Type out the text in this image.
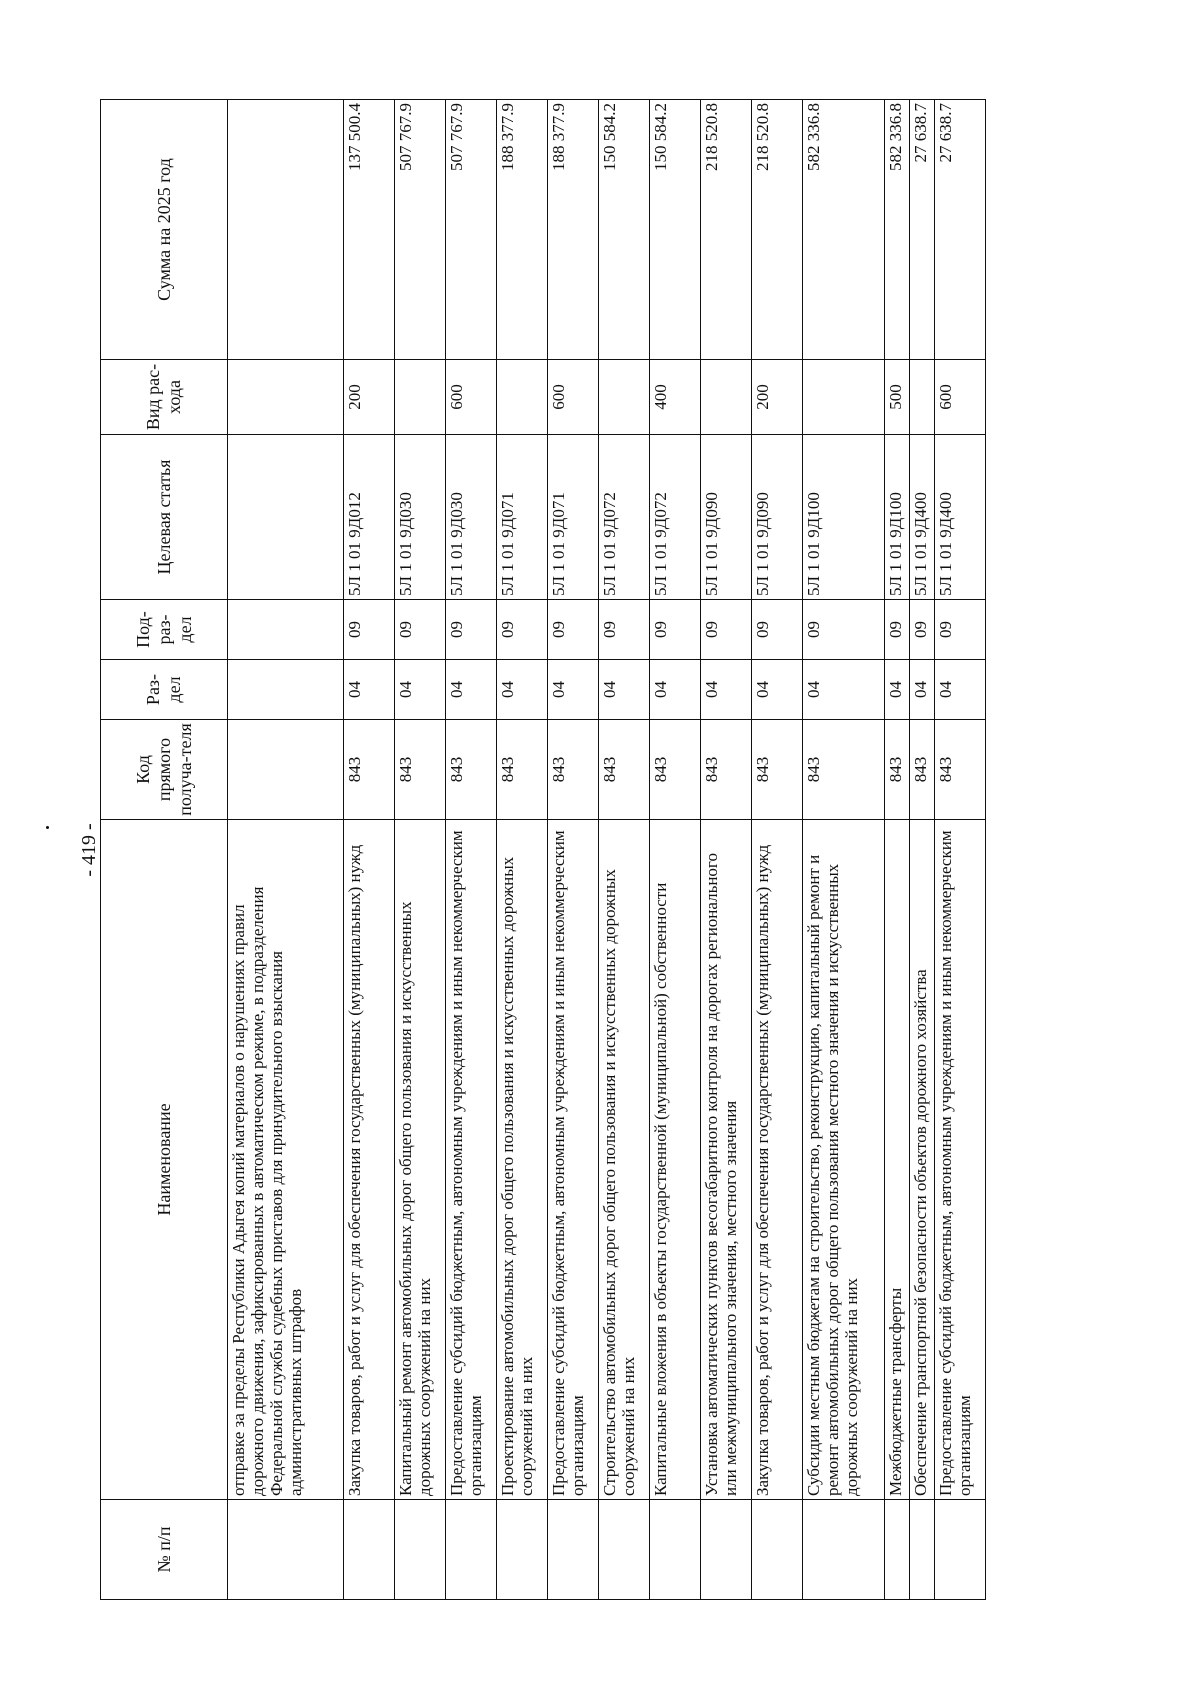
- 419 -
№ п/п	Наименование	Код прямого получа-теля	Раз-дел	Под-раз-дел	Целевая статья	Вид рас-хода	Сумма на 2025 год
	отправке за пределы Республики Адыгея копий материалов о нарушениях правил дорожного движения, зафиксированных в автоматическом режиме, в подразделения Федеральной службы судебных приставов для принудительного взыскания административных штрафов						
	Закупка товаров, работ и услуг для обеспечения государственных (муниципальных) нужд	843	04	09	5Л 1 01 9Д012	200	137 500.4
	Капитальный ремонт автомобильных дорог общего пользования и искусственных дорожных сооружений на них	843	04	09	5Л 1 01 9Д030		507 767.9
	Предоставление субсидий бюджетным, автономным учреждениям и иным некоммерческим организациям	843	04	09	5Л 1 01 9Д030	600	507 767.9
	Проектирование автомобильных дорог общего пользования и искусственных дорожных сооружений на них	843	04	09	5Л 1 01 9Д071		188 377.9
	Предоставление субсидий бюджетным, автономным учреждениям и иным некоммерческим организациям	843	04	09	5Л 1 01 9Д071	600	188 377.9
	Строительство автомобильных дорог общего пользования и искусственных дорожных сооружений на них	843	04	09	5Л 1 01 9Д072		150 584.2
	Капитальные вложения в объекты государственной (муниципальной) собственности	843	04	09	5Л 1 01 9Д072	400	150 584.2
	Установка автоматических пунктов весогабаритного контроля на дорогах регионального или межмуниципального значения, местного значения	843	04	09	5Л 1 01 9Д090		218 520.8
	Закупка товаров, работ и услуг для обеспечения государственных (муниципальных) нужд	843	04	09	5Л 1 01 9Д090	200	218 520.8
	Субсидии местным бюджетам на строительство, реконструкцию, капитальный ремонт и ремонт автомобильных дорог общего пользования местного значения и искусственных дорожных сооружений на них	843	04	09	5Л 1 01 9Д100		582 336.8
	Межбюджетные трансферты	843	04	09	5Л 1 01 9Д100	500	582 336.8
	Обеспечение транспортной безопасности объектов дорожного хозяйства	843	04	09	5Л 1 01 9Д400		27 638.7
	Предоставление субсидий бюджетным, автономным учреждениям и иным некоммерческим организациям	843	04	09	5Л 1 01 9Д400	600	27 638.7
